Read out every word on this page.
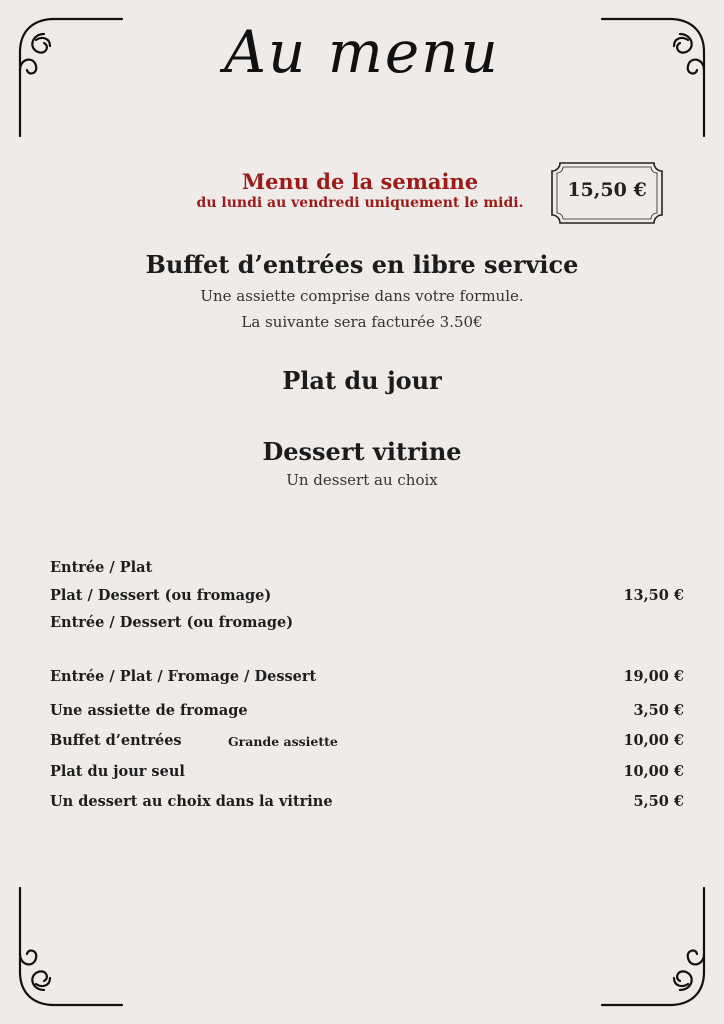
Au menu
Menu de la semaine
du lundi au vendredi uniquement le midi.
15,50 €
Buffet d’entrées en libre service
Une assiette comprise dans votre formule.
La suivante sera facturée 3.50€
Plat du jour
Dessert vitrine
Un dessert au choix
Entrée / Plat
Plat / Dessert (ou fromage)	13,50 €
Entrée / Dessert (ou fromage)
Entrée / Plat / Fromage / Dessert	19,00 €
Une assiette de fromage	3,50 €
Buffet d’entrées	Grande assiette	10,00 €
Plat du jour seul	10,00 €
Un dessert au choix dans la vitrine	5,50 €
